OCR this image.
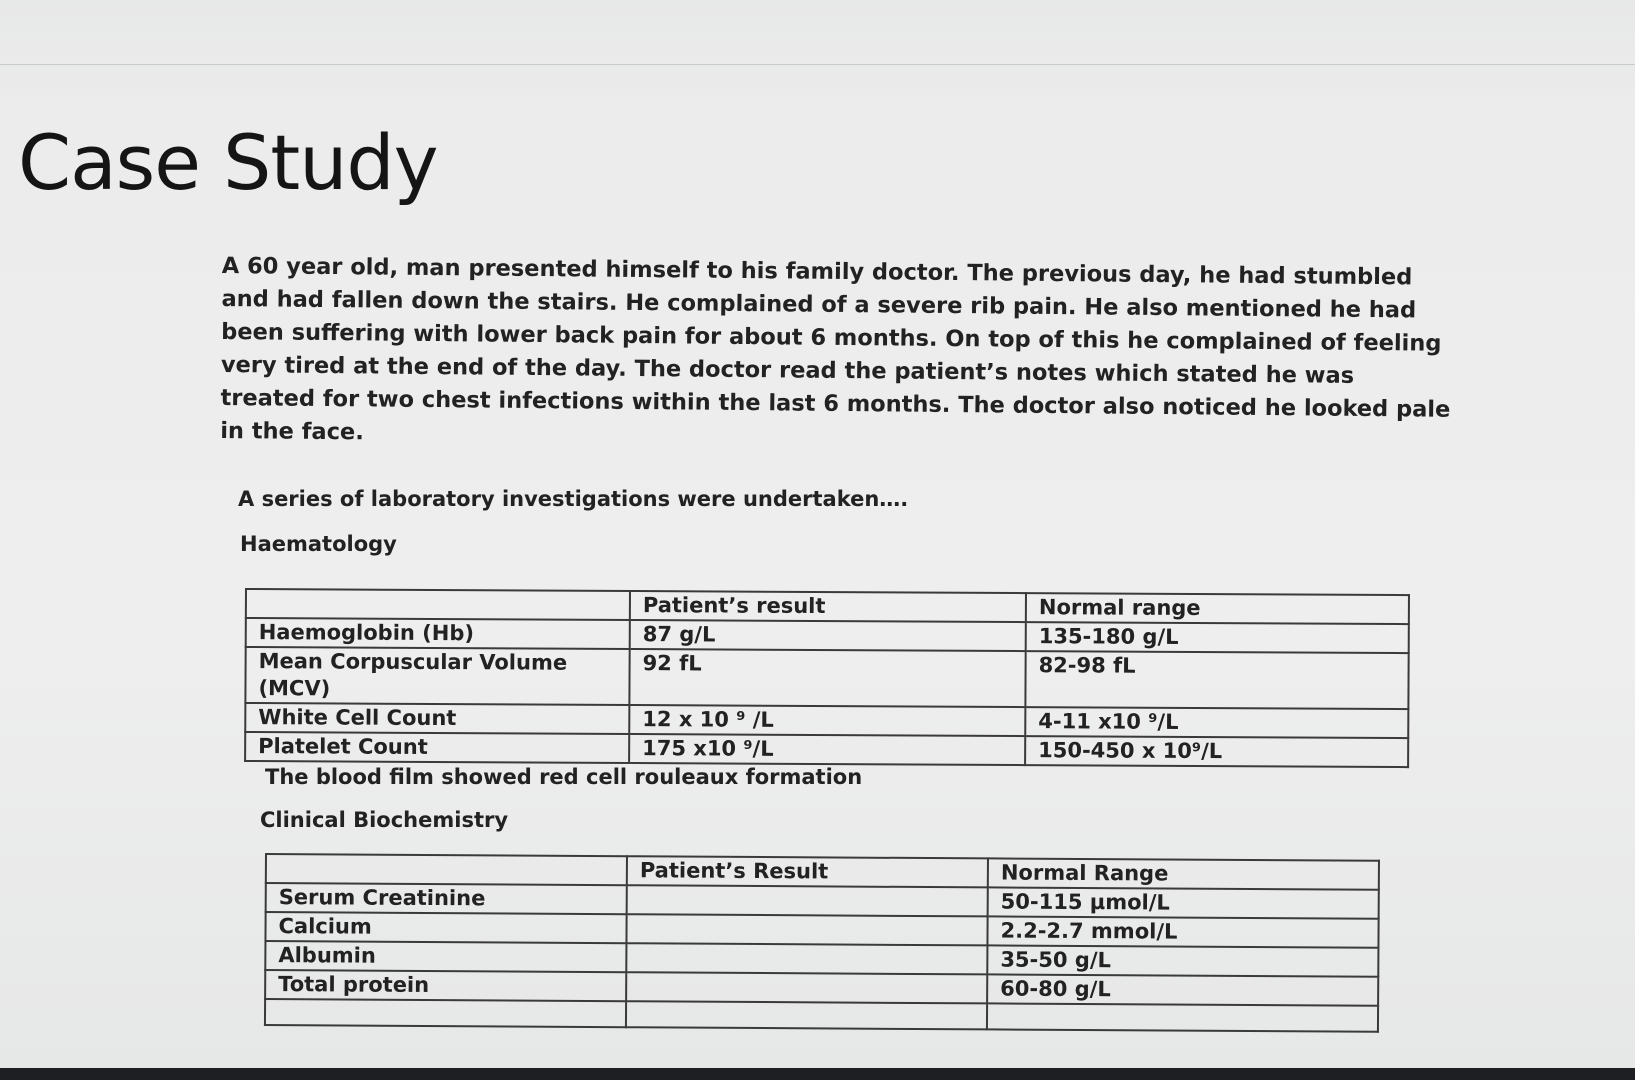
Case Study

A 60 year old, man presented himself to his family doctor. The previous day, he had stumbled and had fallen down the stairs. He complained of a severe rib pain. He also mentioned he had been suffering with lower back pain for about 6 months. On top of this he complained of feeling very tired at the end of the day. The doctor read the patient’s notes which stated he was treated for two chest infections within the last 6 months. The doctor also noticed he looked pale in the face.

A series of laboratory investigations were undertaken….
Haematology
	Patient’s result	Normal range
Haemoglobin (Hb)	87 g/L	135-180 g/L
Mean Corpuscular Volume (MCV)	92 fL	82-98 fL
White Cell Count	12 x 10 ⁹ /L	4-11 x10 ⁹/L
Platelet Count	175 x10 ⁹/L	150-450 x 10⁹/L
The blood film showed red cell rouleaux formation
Clinical Biochemistry
	Patient’s Result	Normal Range
Serum Creatinine		50-115 μmol/L
Calcium		2.2-2.7 mmol/L
Albumin		35-50 g/L
Total protein		60-80 g/L
